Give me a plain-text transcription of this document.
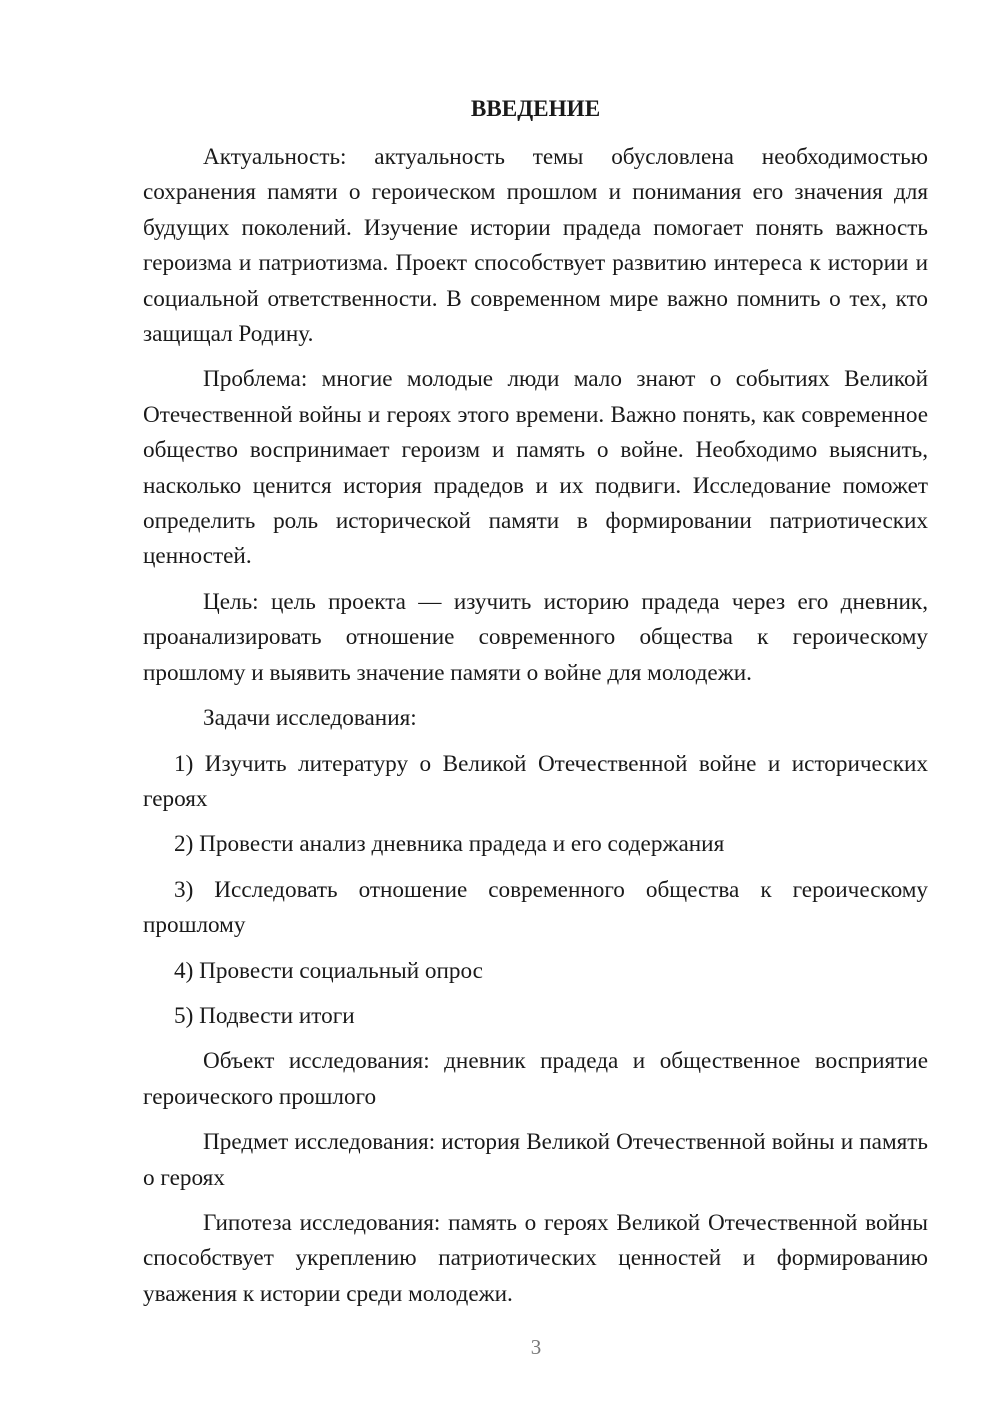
ВВЕДЕНИЕ

Актуальность: актуальность темы обусловлена необходимостью сохранения памяти о героическом прошлом и понимания его значения для будущих поколений. Изучение истории прадеда помогает понять важность героизма и патриотизма. Проект способствует развитию интереса к истории и социальной ответственности. В современном мире важно помнить о тех, кто защищал Родину.

Проблема: многие молодые люди мало знают о событиях Великой Отечественной войны и героях этого времени. Важно понять, как современное общество воспринимает героизм и память о войне. Необходимо выяснить, насколько ценится история прадедов и их подвиги. Исследование поможет определить роль исторической памяти в формировании патриотических ценностей.

Цель: цель проекта — изучить историю прадеда через его дневник, проанализировать отношение современного общества к героическому прошлому и выявить значение памяти о войне для молодежи.

Задачи исследования:

1) Изучить литературу о Великой Отечественной войне и исторических героях

2) Провести анализ дневника прадеда и его содержания

3) Исследовать отношение современного общества к героическому прошлому

4) Провести социальный опрос

5) Подвести итоги

Объект исследования: дневник прадеда и общественное восприятие героического прошлого

Предмет исследования: история Великой Отечественной войны и память о героях

Гипотеза исследования: память о героях Великой Отечественной войны способствует укреплению патриотических ценностей и формированию уважения к истории среди молодежи.

3
